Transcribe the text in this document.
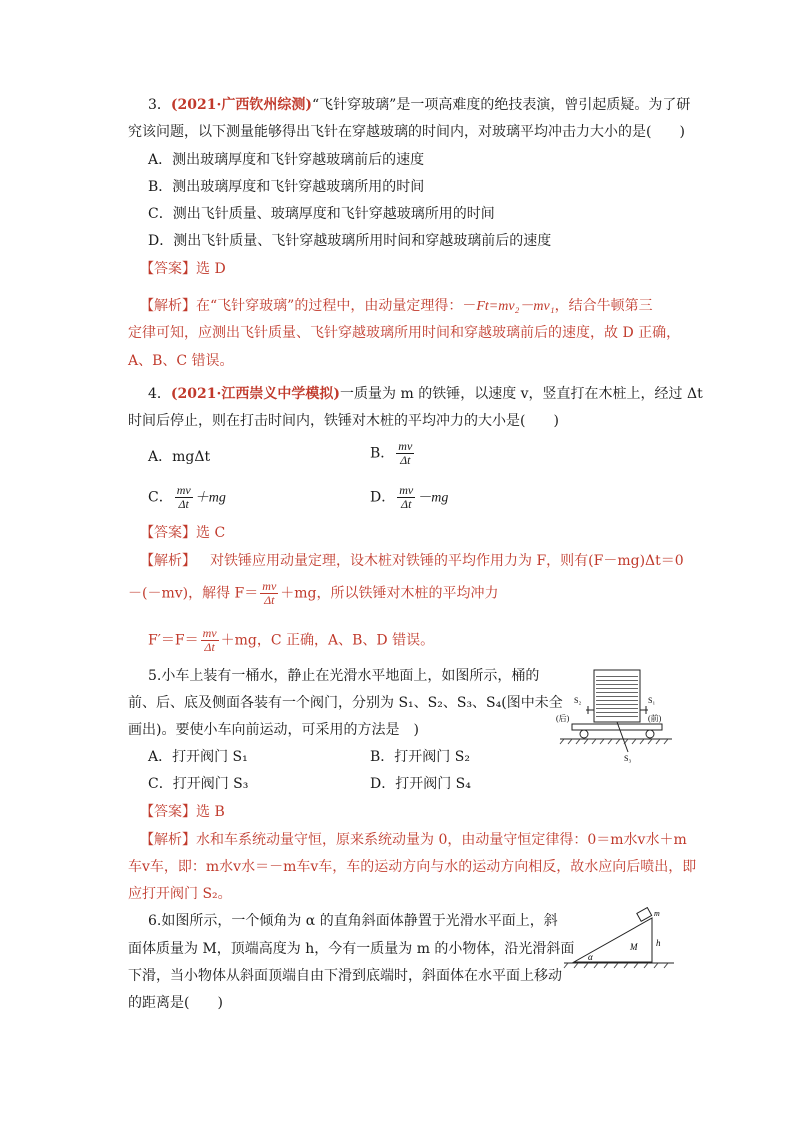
3．(2021·广西钦州综测)“飞针穿玻璃”是一项高难度的绝技表演，曾引起质疑。为了研
究该问题，以下测量能够得出飞针在穿越玻璃的时间内，对玻璃平均冲击力大小的是(　　)
A．测出玻璃厚度和飞针穿越玻璃前后的速度
B．测出玻璃厚度和飞针穿越玻璃所用的时间
C．测出飞针质量、玻璃厚度和飞针穿越玻璃所用的时间
D．测出飞针质量、飞针穿越玻璃所用时间和穿越玻璃前后的速度
【答案】选 D
【解析】在“飞针穿玻璃”的过程中，由动量定理得：－Ft=mv₂－mv₁，结合牛顿第三
定律可知，应测出飞针质量、飞针穿越玻璃所用时间和穿越玻璃前后的速度，故 D 正确，
A、B、C 错误。
4．(2021·江西崇义中学模拟)一质量为 m 的铁锤，以速度 v，竖直打在木桩上，经过 Δt
时间后停止，则在打击时间内，铁锤对木桩的平均冲力的大小是(　　)
A．mgΔt	B． $\frac{mv}{\Delta t}$
C． $\frac{mv}{\Delta t} +mg$	D． $\frac{mv}{\Delta t} -mg$
【答案】选 C
【解析】  对铁锤应用动量定理，设木桩对铁锤的平均作用力为 F，则有(F－mg)Δt＝0
－(－mv)，解得 $F= \frac{mv}{\Delta t} +mg$，所以铁锤对木桩的平均冲力
$F'=F= \frac{mv}{\Delta t} +mg$，C 正确，A、B、D 错误。
5.小车上装有一桶水，静止在光滑水平地面上，如图所示，桶的
前、后、底及侧面各装有一个阀门，分别为 S₁、S₂、S₃、S₄(图中未全
画出)。要使小车向前运动，可采用的方法是　)
A．打开阀门 S₁	B．打开阀门 S₂
C．打开阀门 S₃	D．打开阀门 S₄
S₁
(前)
S₂
(后)
S₃
【答案】选 B
【解析】水和车系统动量守恒，原来系统动量为 0，由动量守恒定律得：0＝m水v水＋m
车v车，即：m水v水＝－m车v车，车的运动方向与水的运动方向相反，故水应向后喷出，即
应打开阀门 S₂。
6.如图所示，一个倾角为 α 的直角斜面体静置于光滑水平面上，斜
面体质量为 M，顶端高度为 h，今有一质量为 m 的小物体，沿光滑斜面
下滑，当小物体从斜面顶端自由下滑到底端时，斜面体在水平面上移动
的距离是(　　)
m
M h
α
